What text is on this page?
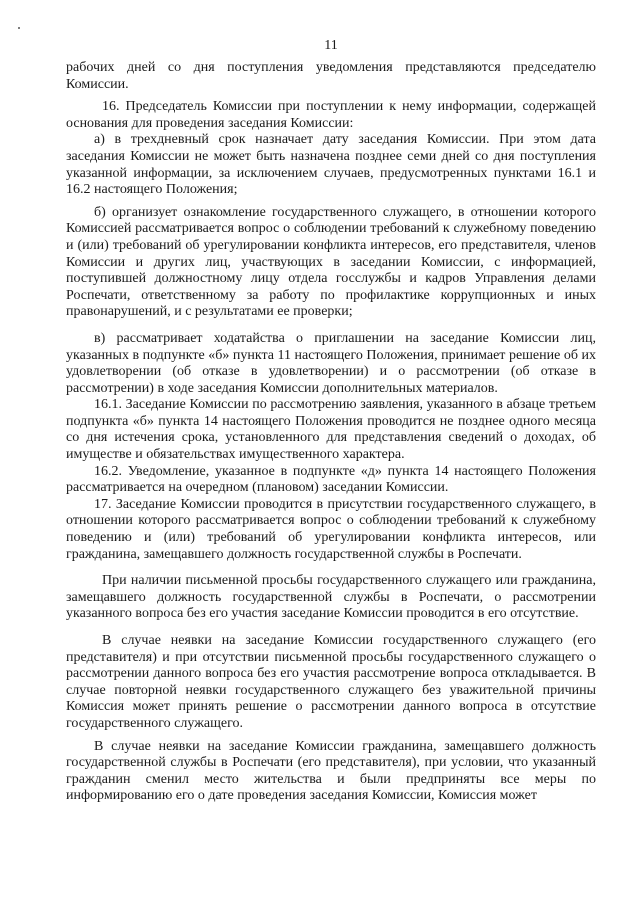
11

рабочих дней со дня поступления уведомления представляются председателю Комиссии.

16. Председатель Комиссии при поступлении к нему информации, содержащей основания для проведения заседания Комиссии:

а) в трехдневный срок назначает дату заседания Комиссии. При этом дата заседания Комиссии не может быть назначена позднее семи дней со дня поступления указанной информации, за исключением случаев, предусмотренных пунктами 16.1 и 16.2 настоящего Положения;

б) организует ознакомление государственного служащего, в отношении которого Комиссией рассматривается вопрос о соблюдении требований к служебному поведению и (или) требований об урегулировании конфликта интересов, его представителя, членов Комиссии и других лиц, участвующих в заседании Комиссии, с информацией, поступившей должностному лицу отдела госслужбы и кадров Управления делами Роспечати, ответственному за работу по профилактике коррупционных и иных правонарушений, и с результатами ее проверки;

в) рассматривает ходатайства о приглашении на заседание Комиссии лиц, указанных в подпункте «б» пункта 11 настоящего Положения, принимает решение об их удовлетворении (об отказе в удовлетворении) и о рассмотрении (об отказе в рассмотрении) в ходе заседания Комиссии дополнительных материалов.

16.1. Заседание Комиссии по рассмотрению заявления, указанного в абзаце третьем подпункта «б» пункта 14 настоящего Положения проводится не позднее одного месяца со дня истечения срока, установленного для представления сведений о доходах, об имуществе и обязательствах имущественного характера.

16.2. Уведомление, указанное в подпункте «д» пункта 14 настоящего Положения рассматривается на очередном (плановом) заседании Комиссии.

17. Заседание Комиссии проводится в присутствии государственного служащего, в отношении которого рассматривается вопрос о соблюдении требований к служебному поведению и (или) требований об урегулировании конфликта интересов, или гражданина, замещавшего должность государственной службы в Роспечати.

При наличии письменной просьбы государственного служащего или гражданина, замещавшего должность государственной службы в Роспечати, о рассмотрении указанного вопроса без его участия заседание Комиссии проводится в его отсутствие.

В случае неявки на заседание Комиссии государственного служащего (его представителя) и при отсутствии письменной просьбы государственного служащего о рассмотрении данного вопроса без его участия рассмотрение вопроса откладывается. В случае повторной неявки государственного служащего без уважительной причины Комиссия может принять решение о рассмотрении данного вопроса в отсутствие государственного служащего.

В случае неявки на заседание Комиссии гражданина, замещавшего должность государственной службы в Роспечати (его представителя), при условии, что указанный гражданин сменил место жительства и были предприняты все меры по информированию его о дате проведения заседания Комиссии, Комиссия может
